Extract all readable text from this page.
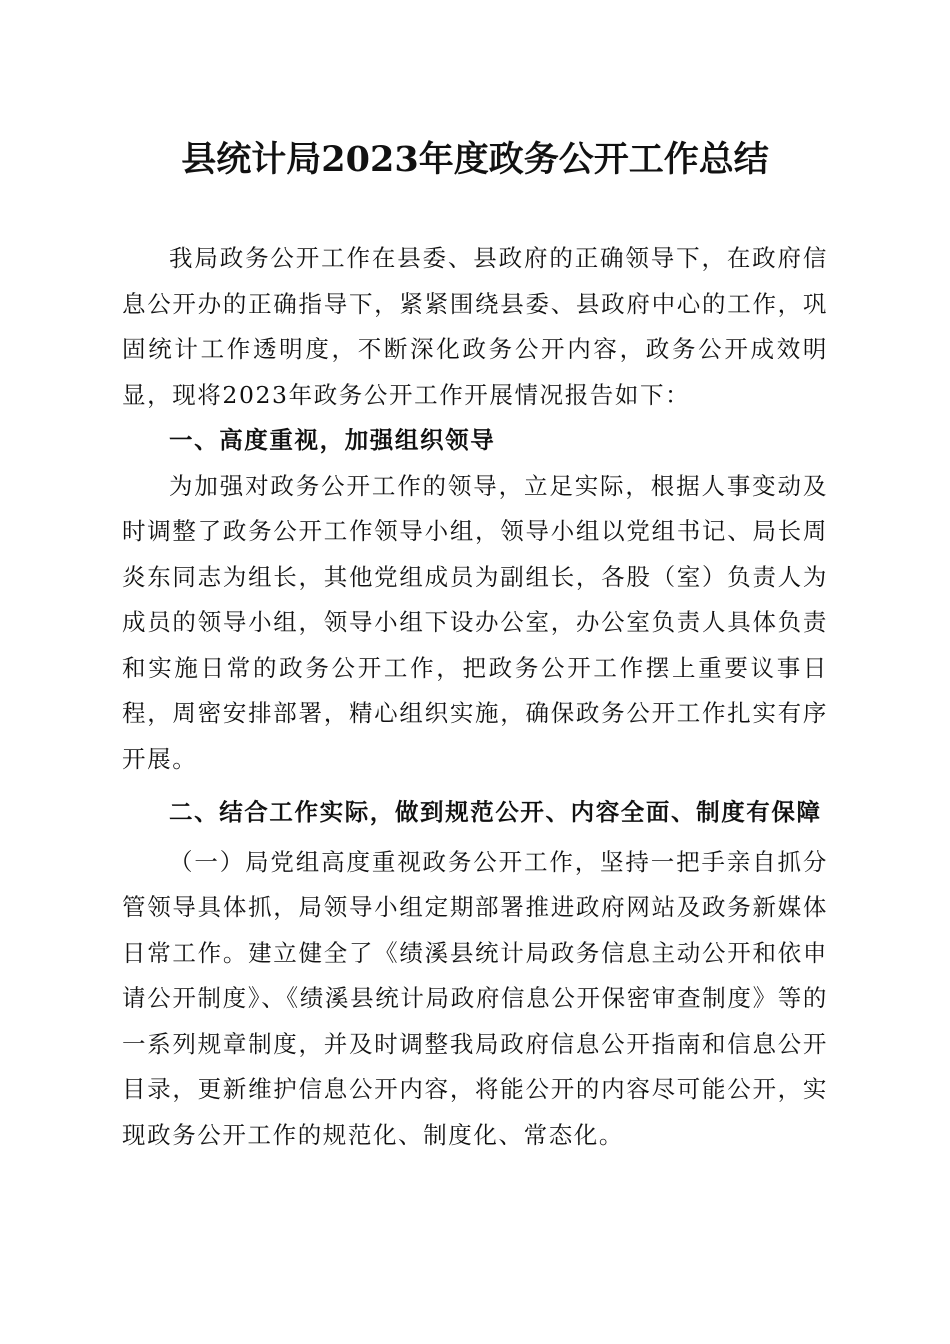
县统计局2023年度政务公开工作总结

我局政务公开工作在县委、县政府的正确领导下，在政府信息公开办的正确指导下，紧紧围绕县委、县政府中心的工作，巩固统计工作透明度，不断深化政务公开内容，政务公开成效明显，现将2023年政务公开工作开展情况报告如下：

一、高度重视，加强组织领导

为加强对政务公开工作的领导，立足实际，根据人事变动及时调整了政务公开工作领导小组，领导小组以党组书记、局长周炎东同志为组长，其他党组成员为副组长，各股（室）负责人为成员的领导小组，领导小组下设办公室，办公室负责人具体负责和实施日常的政务公开工作，把政务公开工作摆上重要议事日程，周密安排部署，精心组织实施，确保政务公开工作扎实有序开展。

二、结合工作实际，做到规范公开、内容全面、制度有保障

（一）局党组高度重视政务公开工作，坚持一把手亲自抓分管领导具体抓，局领导小组定期部署推进政府网站及政务新媒体日常工作。建立健全了《绩溪县统计局政务信息主动公开和依申请公开制度》、《绩溪县统计局政府信息公开保密审查制度》等的一系列规章制度，并及时调整我局政府信息公开指南和信息公开目录，更新维护信息公开内容，将能公开的内容尽可能公开，实现政务公开工作的规范化、制度化、常态化。
